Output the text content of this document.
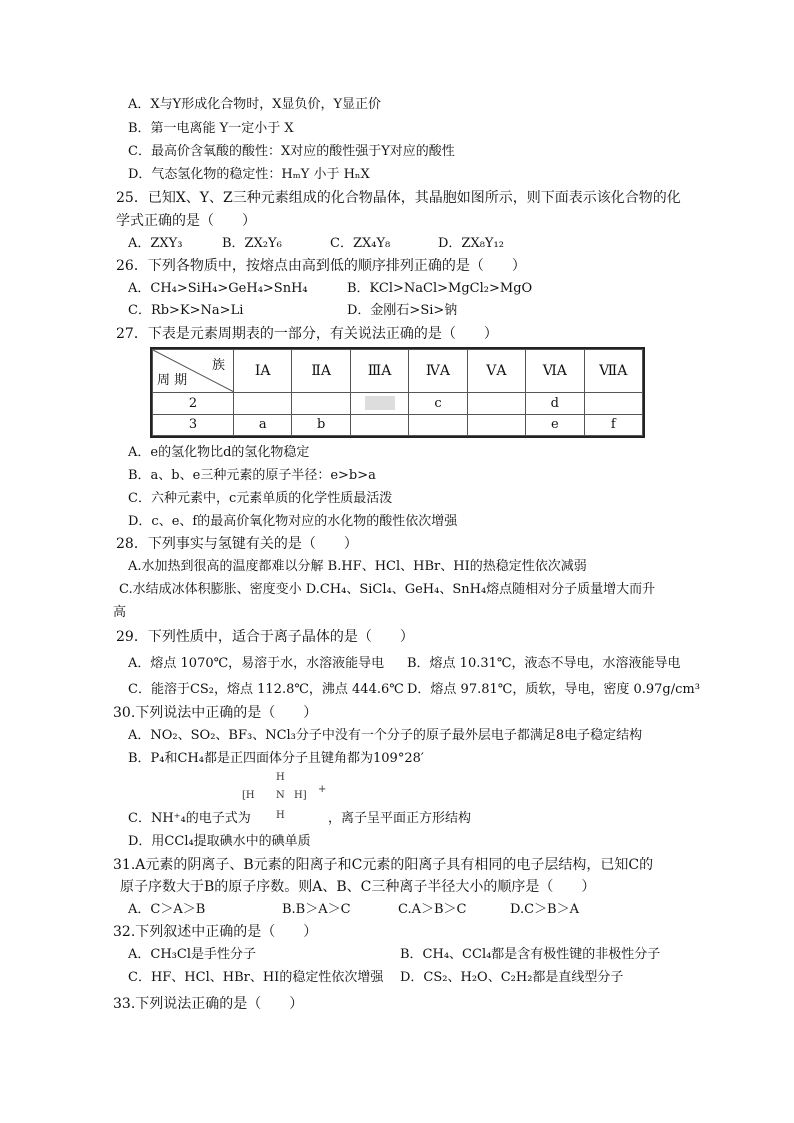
A．X与Y形成化合物时，X显负价，Y显正价
B．第一电离能 Y一定小于 X
C．最高价含氧酸的酸性：X对应的酸性强于Y对应的酸性
D．气态氢化物的稳定性：HₘY 小于 HₙX
25．已知X、Y、Z三种元素组成的化合物晶体，其晶胞如图所示，则下面表示该化合物的化
学式正确的是（　　）
A．ZXY₃	B．ZX₂Y₆	C．ZX₄Y₈	D．ZX₈Y₁₂
26．下列各物质中，按熔点由高到低的顺序排列正确的是（　　）
A．CH₄>SiH₄>GeH₄>SnH₄	B．KCl>NaCl>MgCl₂>MgO
C．Rb>K>Na>Li	D．金刚石>Si>钠
27．下表是元素周期表的一部分，有关说法正确的是（　　）
族
周 期	ⅠA	ⅡA	ⅢA	ⅣA	ⅤA	ⅥA	ⅦA
2				c		d	
3	a	b				e	f
A．e的氢化物比d的氢化物稳定
B．a、b、e三种元素的原子半径：e>b>a
C．六种元素中，c元素单质的化学性质最活泼
D．c、e、f的最高价氧化物对应的水化物的酸性依次增强
28．下列事实与氢键有关的是（　　）
A.水加热到很高的温度都难以分解 B.HF、HCl、HBr、HI的热稳定性依次减弱
C.水结成冰体积膨胀、密度变小 D.CH₄、SiCl₄、GeH₄、SnH₄熔点随相对分子质量增大而升
高
29．下列性质中，适合于离子晶体的是（　　）
A．熔点 1070℃，易溶于水，水溶液能导电 B．熔点 10.31℃，液态不导电，水溶液能导电
C．能溶于CS₂，熔点 112.8℃，沸点 444.6℃ D．熔点 97.81℃，质软，导电，密度 0.97g/cm³
30.下列说法中正确的是（　　）
A．NO₂、SO₂、BF₃、NCl₃分子中没有一个分子的原子最外层电子都满足8电子稳定结构
B．P₄和CH₄都是正四面体分子且键角都为109°28′
H
[H N H]
+
H
C．NH⁺₄的电子式为	，离子呈平面正方形结构
D．用CCl₄提取碘水中的碘单质
31.A元素的阴离子、B元素的阳离子和C元素的阳离子具有相同的电子层结构，已知C的
原子序数大于B的原子序数。则A、B、C三种离子半径大小的顺序是（　　）
A．C＞A＞B	B.B＞A＞C	C.A＞B＞C	D.C＞B＞A
32.下列叙述中正确的是（　　）
A．CH₃Cl是手性分子	B．CH₄、CCl₄都是含有极性键的非极性分子
C．HF、HCl、HBr、HI的稳定性依次增强 D．CS₂、H₂O、C₂H₂都是直线型分子
33.下列说法正确的是（　　）
